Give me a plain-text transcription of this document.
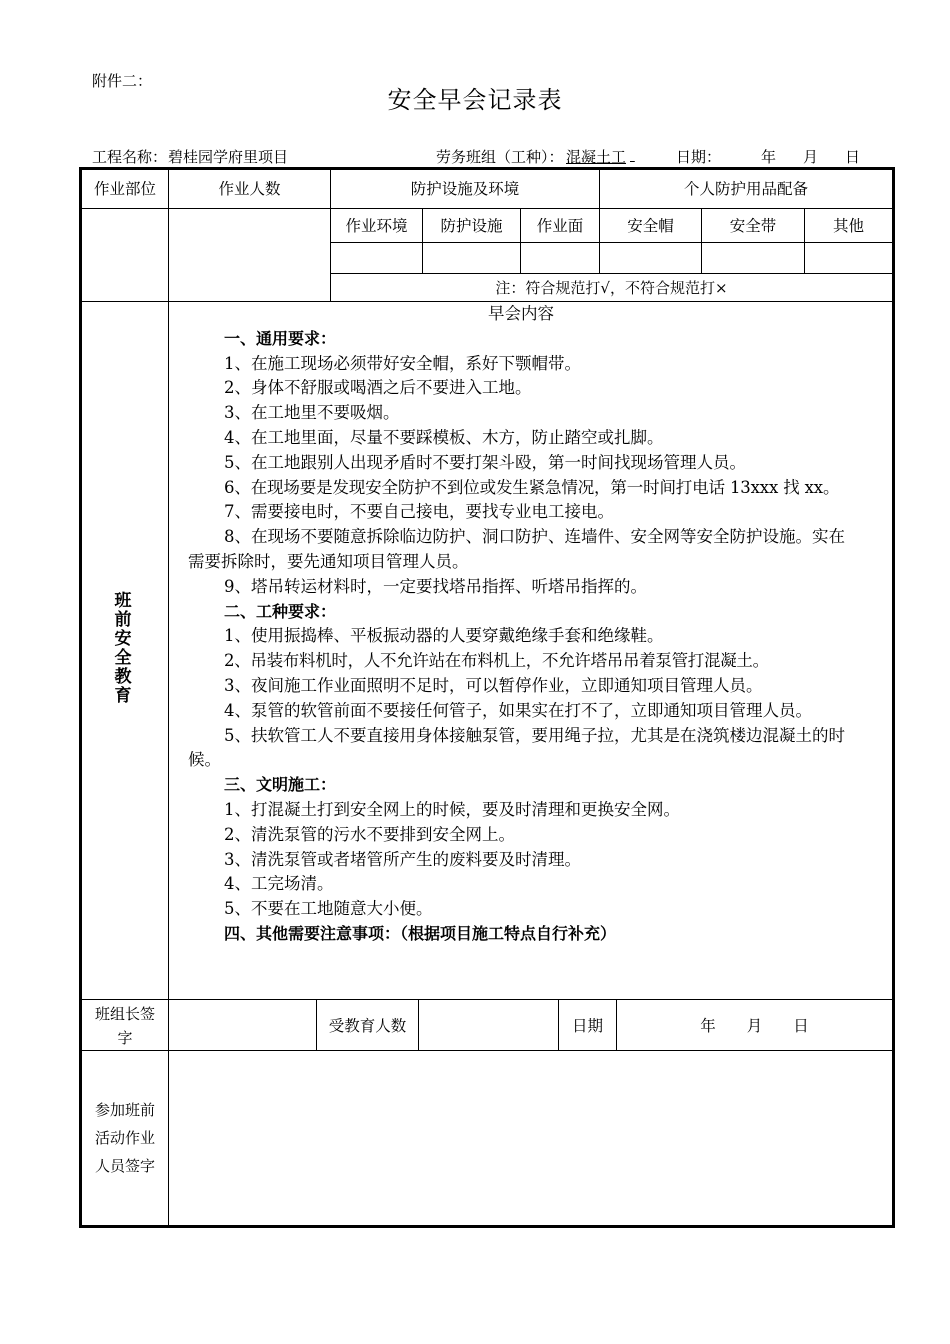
附件二：
安全早会记录表
工程名称： 碧桂园学府里项目	劳务班组（工种）： 混凝土工
	日期：	年 月 日
作业部位	作业人数	防护设施及环境	个人防护用品配备
作业环境	防护设施	作业面	安全帽	安全带	其他
注：符合规范打√，不符合规范打×
班前安全教育

早会内容

一、通用要求：

1、在施工现场必须带好安全帽，系好下颚帽带。

2、身体不舒服或喝酒之后不要进入工地。

3、在工地里不要吸烟。

4、在工地里面，尽量不要踩模板、木方，防止踏空或扎脚。

5、在工地跟别人出现矛盾时不要打架斗殴，第一时间找现场管理人员。

6、在现场要是发现安全防护不到位或发生紧急情况，第一时间打电话 13xxx 找 xx。

7、需要接电时，不要自己接电，要找专业电工接电。

8、在现场不要随意拆除临边防护、洞口防护、连墙件、安全网等安全防护设施。实在需要拆除时，要先通知项目管理人员。

9、塔吊转运材料时，一定要找塔吊指挥、听塔吊指挥的。

二、工种要求：

1、使用振捣棒、平板振动器的人要穿戴绝缘手套和绝缘鞋。

2、吊装布料机时，人不允许站在布料机上，不允许塔吊吊着泵管打混凝土。

3、夜间施工作业面照明不足时，可以暂停作业，立即通知项目管理人员。

4、泵管的软管前面不要接任何管子，如果实在打不了，立即通知项目管理人员。

5、扶软管工人不要直接用身体接触泵管，要用绳子拉，尤其是在浇筑楼边混凝土的时候。

三、文明施工：

1、打混凝土打到安全网上的时候，要及时清理和更换安全网。

2、清洗泵管的污水不要排到安全网上。

3、清洗泵管或者堵管所产生的废料要及时清理。

4、工完场清。

5、不要在工地随意大小便。

四、其他需要注意事项：（根据项目施工特点自行补充）

班组长签字
受教育人数	日期	年　　月　　日
参加班前活动作业人员签字
